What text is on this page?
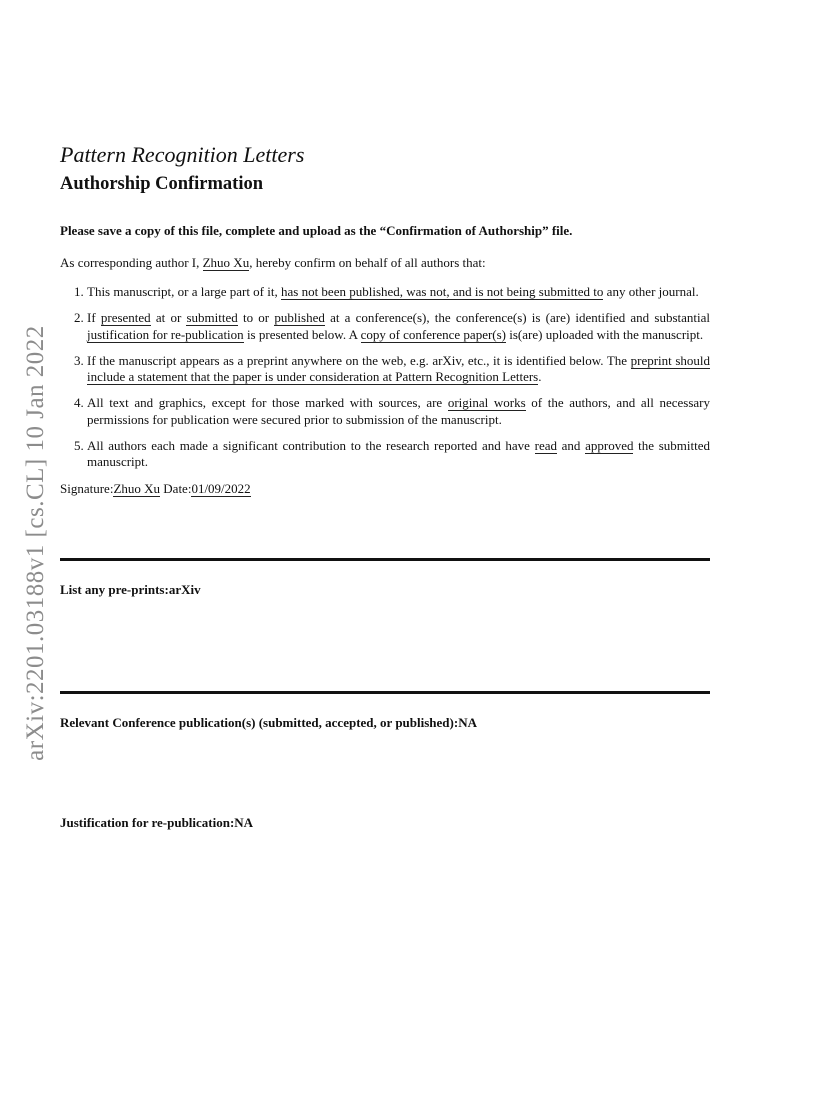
arXiv:2201.03188v1 [cs.CL] 10 Jan 2022

Pattern Recognition Letters

Authorship Confirmation

Please save a copy of this file, complete and upload as the “Confirmation of Authorship” file.

As corresponding author I, Zhuo Xu, hereby confirm on behalf of all authors that:

1. This manuscript, or a large part of it, has not been published, was not, and is not being submitted to any other journal.
2. If presented at or submitted to or published at a conference(s), the conference(s) is (are) identified and substantial justification for re-publication is presented below. A copy of conference paper(s) is(are) uploaded with the manuscript.
3. If the manuscript appears as a preprint anywhere on the web, e.g. arXiv, etc., it is identified below. The preprint should include a statement that the paper is under consideration at Pattern Recognition Letters.
4. All text and graphics, except for those marked with sources, are original works of the authors, and all necessary permissions for publication were secured prior to submission of the manuscript.
5. All authors each made a significant contribution to the research reported and have read and approved the submitted manuscript.

Signature:Zhuo Xu Date:01/09/2022

List any pre-prints:arXiv
Relevant Conference publication(s) (submitted, accepted, or published):NA
Justification for re-publication:NA
